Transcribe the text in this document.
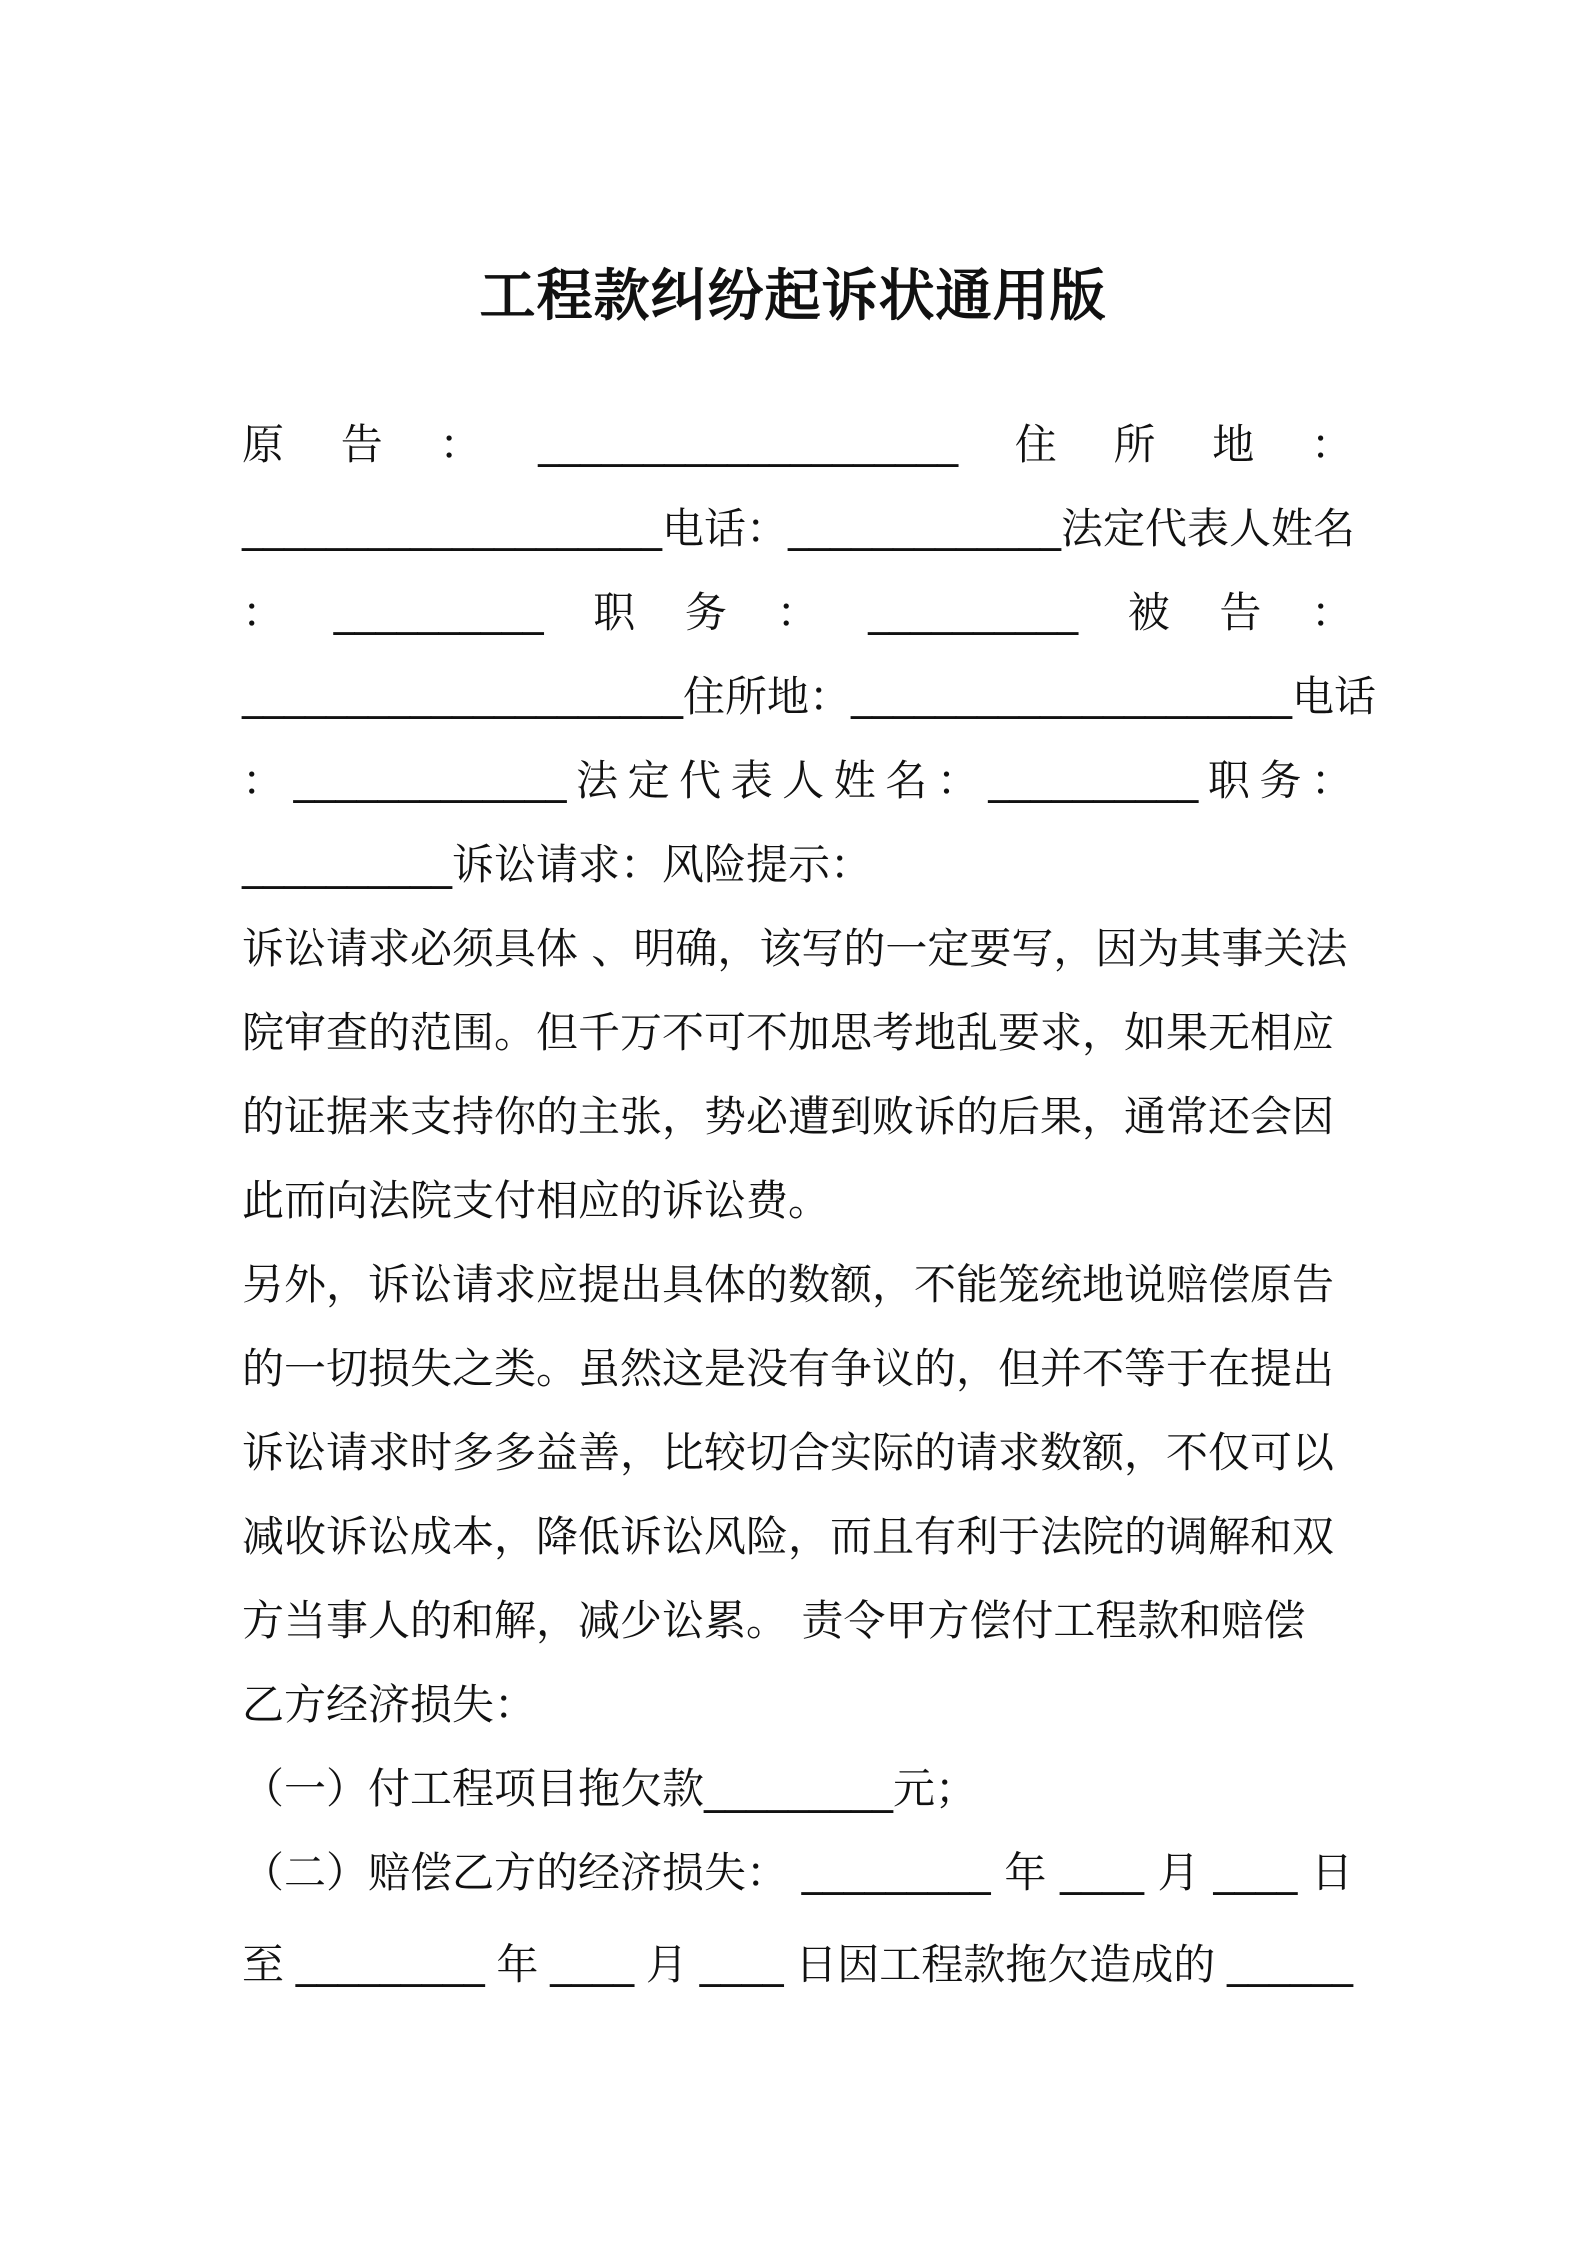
工程款纠纷起诉状通用版
原 告 ： ____________________ 住 所 地 ：
____________________ 电话： _____________ 法定代表人姓名
： __________ 职 务 ： __________ 被 告 ：
_____________________ 住所地： _____________________ 电话
： _____________ 法 定 代 表 人 姓 名 ： __________ 职 务 ：
__________诉讼请求：风险提示：
诉讼请求必须具体 、明确，该写的一定要写，因为其事关法
院审查的范围。但千万不可不加思考地乱要求，如果无相应
的证据来支持你的主张，势必遭到败诉的后果，通常还会因
此而向法院支付相应的诉讼费。
另外，诉讼请求应提出具体的数额，不能笼统地说赔偿原告
的一切损失之类。虽然这是没有争议的，但并不等于在提出
诉讼请求时多多益善，比较切合实际的请求数额，不仅可以
减收诉讼成本，降低诉讼风险，而且有利于法院的调解和双
方当事人的和解，减少讼累。 责令甲方偿付工程款和赔偿
乙方经济损失：
（一）付工程项目拖欠款_________元；
（二）赔偿乙方的经济损失： _________ 年 ____ 月 ____ 日
至 _________ 年 ____ 月 ____ 日因工程款拖欠造成的 ______
